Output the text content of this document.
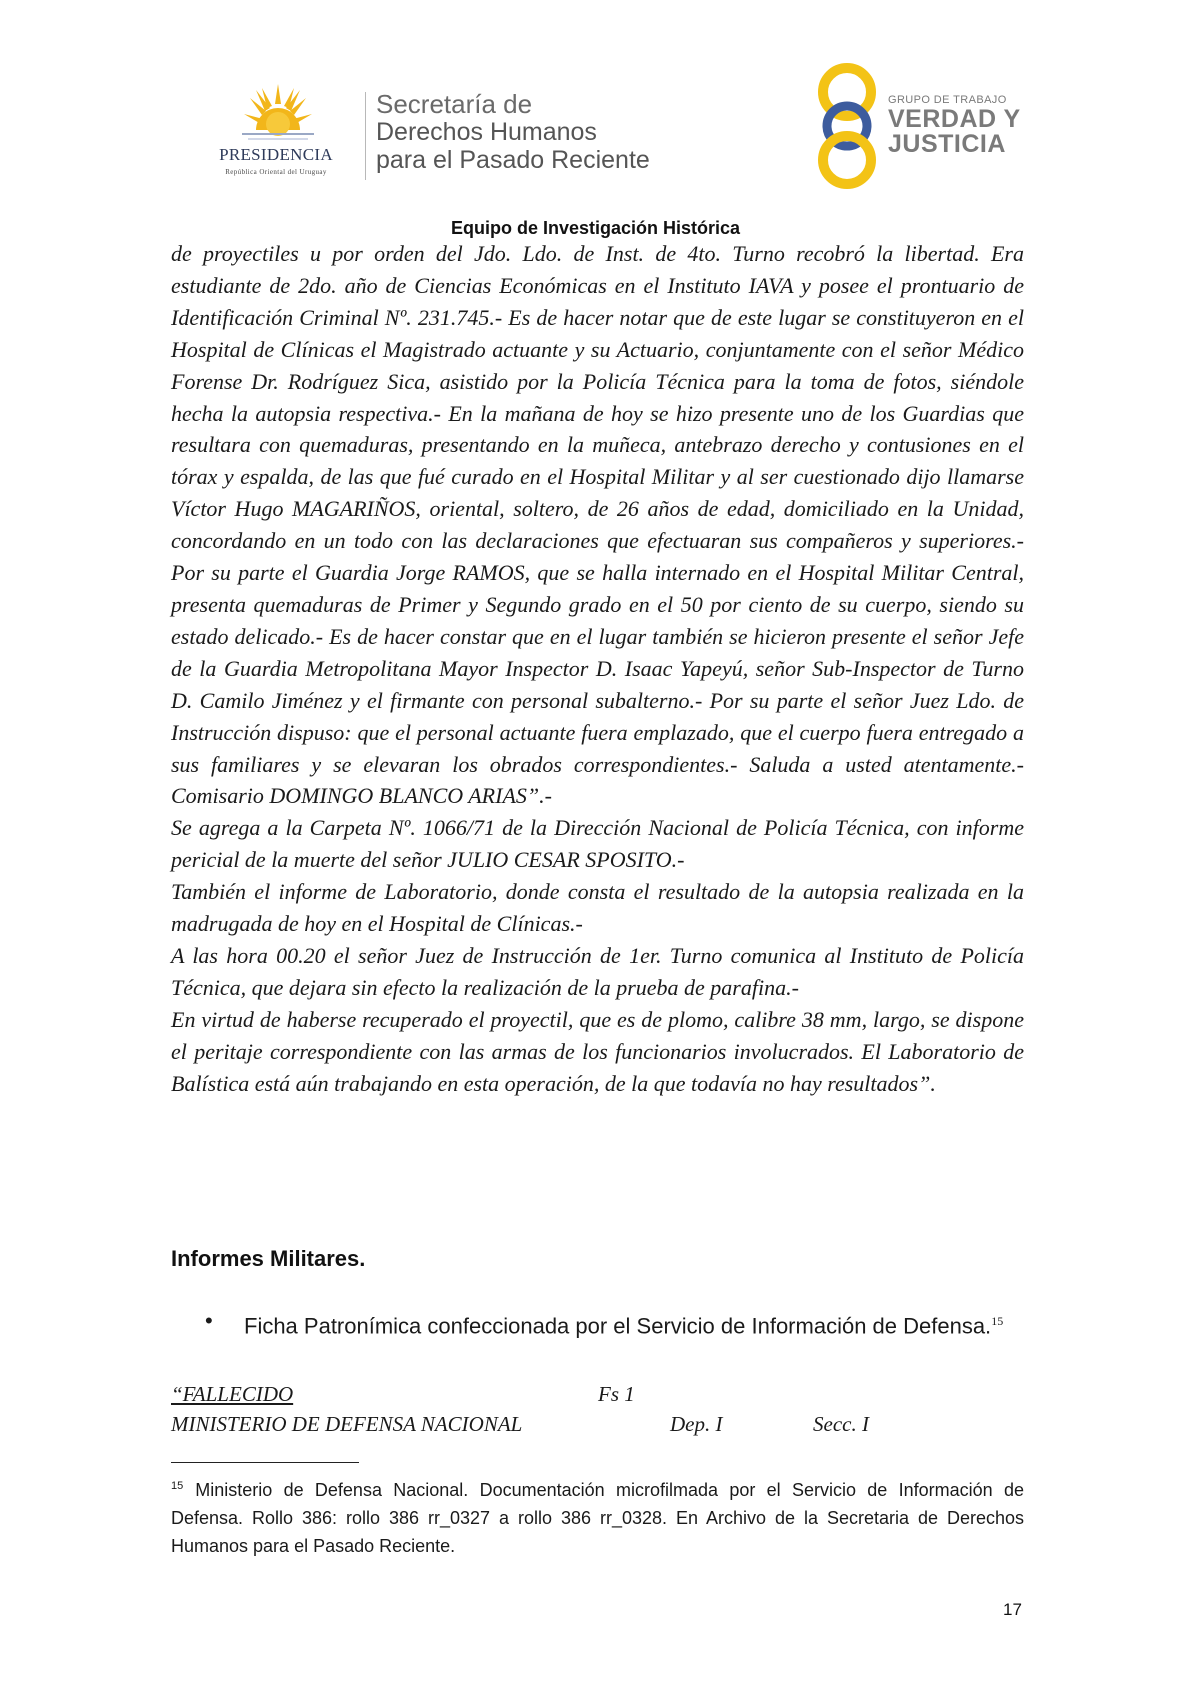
PRESIDENCIA
República Oriental del Uruguay
Secretaría de
Derechos Humanos
para el Pasado Reciente
GRUPO DE TRABAJO
VERDAD Y
JUSTICIA
Equipo de Investigación Histórica

de proyectiles u por orden del Jdo. Ldo. de Inst. de 4to. Turno recobró la libertad. Era estudiante de 2do. año de Ciencias Económicas en el Instituto IAVA y posee el prontuario de Identificación Criminal Nº. 231.745.- Es de hacer notar que de este lugar se constituyeron en el Hospital de Clínicas el Magistrado actuante y su Actuario, conjuntamente con el señor Médico Forense Dr. Rodríguez Sica, asistido por la Policía Técnica para la toma de fotos, siéndole hecha la autopsia respectiva.- En la mañana de hoy se hizo presente uno de los Guardias que resultara con quemaduras, presentando en la muñeca, antebrazo derecho y contusiones en el tórax y espalda, de las que fué curado en el Hospital Militar y al ser cuestionado dijo llamarse Víctor Hugo MAGARIÑOS, oriental, soltero, de 26 años de edad, domiciliado en la Unidad, concordando en un todo con las declaraciones que efectuaran sus compañeros y superiores.- Por su parte el Guardia Jorge RAMOS, que se halla internado en el Hospital Militar Central, presenta quemaduras de Primer y Segundo grado en el 50 por ciento de su cuerpo, siendo su estado delicado.- Es de hacer constar que en el lugar también se hicieron presente el señor Jefe de la Guardia Metropolitana Mayor Inspector D. Isaac Yapeyú, señor Sub-Inspector de Turno D. Camilo Jiménez y el firmante con personal subalterno.- Por su parte el señor Juez Ldo. de Instrucción dispuso: que el personal actuante fuera emplazado, que el cuerpo fuera entregado a sus familiares y se elevaran los obrados correspondientes.- Saluda a usted atentamente.- Comisario DOMINGO BLANCO ARIAS”.-

Se agrega a la Carpeta Nº. 1066/71 de la Dirección Nacional de Policía Técnica, con informe pericial de la muerte del señor JULIO CESAR SPOSITO.-

También el informe de Laboratorio, donde consta el resultado de la autopsia realizada en la madrugada de hoy en el Hospital de Clínicas.-

A las hora 00.20 el señor Juez de Instrucción de 1er. Turno comunica al Instituto de Policía Técnica, que dejara sin efecto la realización de la prueba de parafina.-

En virtud de haberse recuperado el proyectil, que es de plomo, calibre 38 mm, largo, se dispone el peritaje correspondiente con las armas de los funcionarios involucrados. El Laboratorio de Balística está aún trabajando en esta operación, de la que todavía no hay resultados”.

Informes Militares.
• Ficha Patronímica confeccionada por el Servicio de Información de Defensa.$^{15}$
“FALLECIDO	Fs 1
MINISTERIO DE DEFENSA NACIONAL	Dep. I	Secc. I
$^{15}$ Ministerio de Defensa Nacional. Documentación microfilmada por el Servicio de Información de Defensa. Rollo 386: rollo 386 rr_0327 a rollo 386 rr_0328. En Archivo de la Secretaria de Derechos Humanos para el Pasado Reciente.
17
